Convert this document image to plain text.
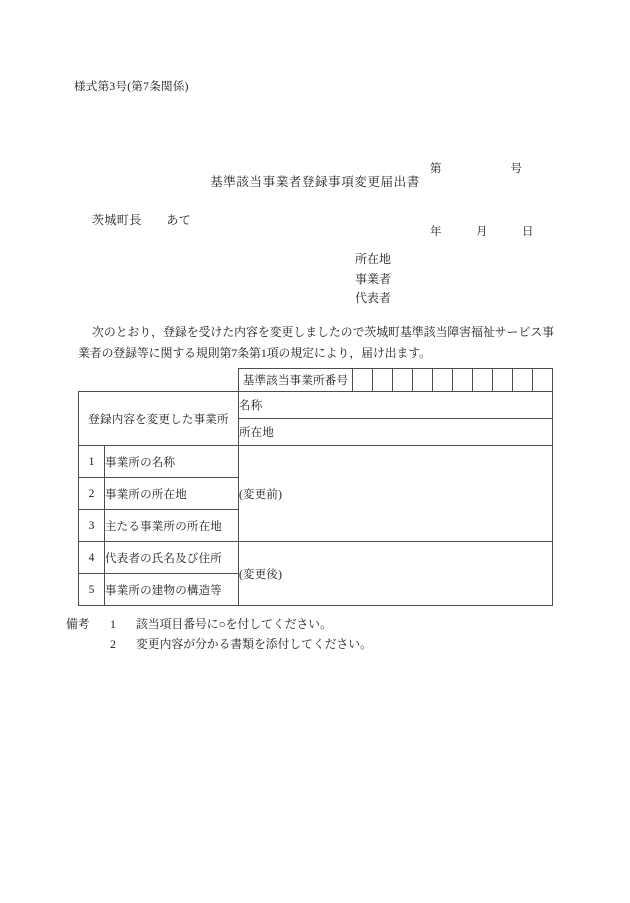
様式第3号(第7条関係)

第　　　　　　号

年　　　月　　　日

基準該当事業者登録事項変更届出書
茨城町長　　あて
所在地
事業者
代表者
次のとおり，登録を受けた内容を変更しましたので茨城町基準該当障害福祉サービス事業者の登録等に関する規則第7条第1項の規定により，届け出ます。
		基準該当事業所番号										
登録内容を変更した事業所		名称										
		所在地										
1	事業所の名称	(変更前)										
2	事業所の所在地											
3	主たる事業所の所在地											
4	代表者の氏名及び住所	(変更後)										
5	事業所の建物の構造等											
備考	1	該当項目番号に○を付してください。
2	変更内容が分かる書類を添付してください。
